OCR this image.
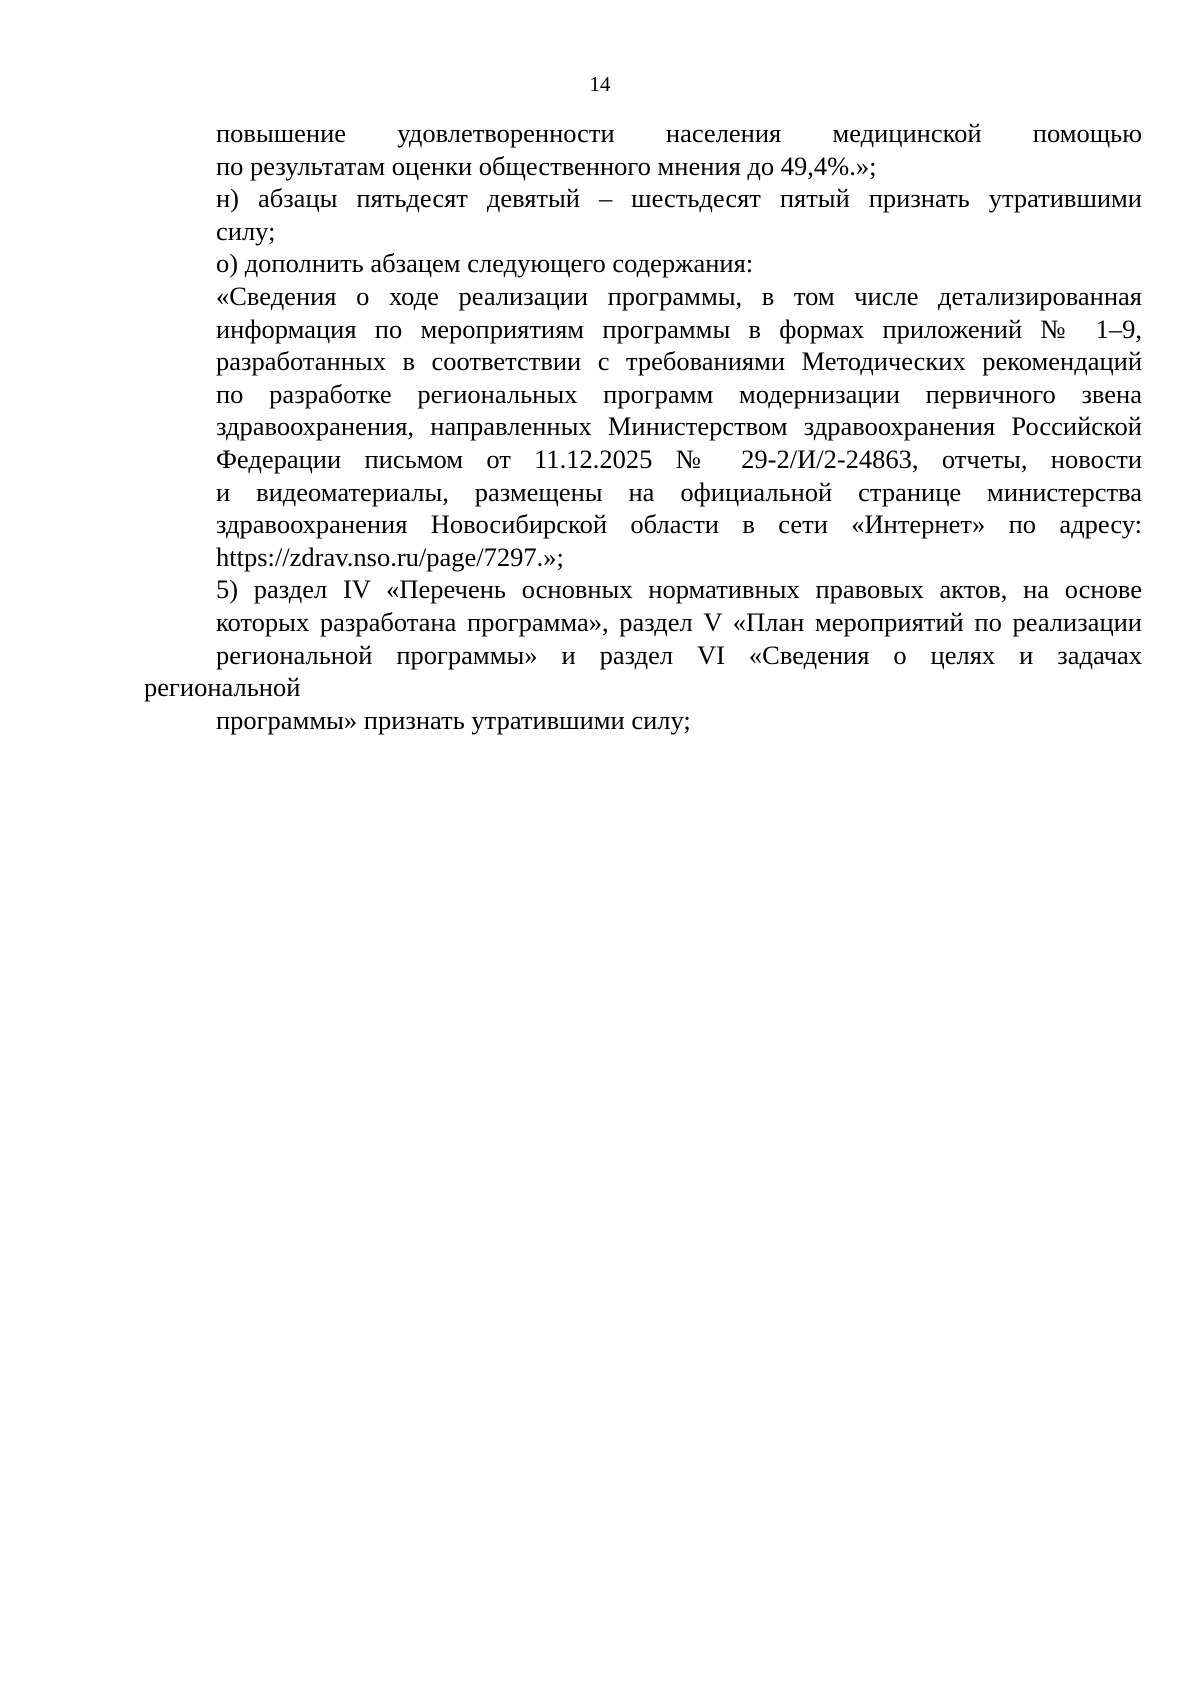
14

повышение удовлетворенности населения медицинской помощью
по результатам оценки общественного мнения до 49,4%.»;

н) абзацы пятьдесят девятый – шестьдесят пятый признать утратившими
силу;

о) дополнить абзацем следующего содержания:

«Сведения о ходе реализации программы, в том числе детализированная
информация по мероприятиям программы в формах приложений № 1–9,
разработанных в соответствии с требованиями Методических рекомендаций
по разработке региональных программ модернизации первичного звена
здравоохранения, направленных Министерством здравоохранения Российской
Федерации письмом от 11.12.2025 № 29-2/И/2-24863, отчеты, новости
и видеоматериалы, размещены на официальной странице министерства
здравоохранения Новосибирской области в сети «Интернет» по адресу:
https://zdrav.nso.ru/page/7297.»;

5) раздел IV «Перечень основных нормативных правовых актов, на основе
которых разработана программа», раздел V «План мероприятий по реализации
региональной программы» и раздел VI «Сведения о целях и задачах региональной
программы» признать утратившими силу;
